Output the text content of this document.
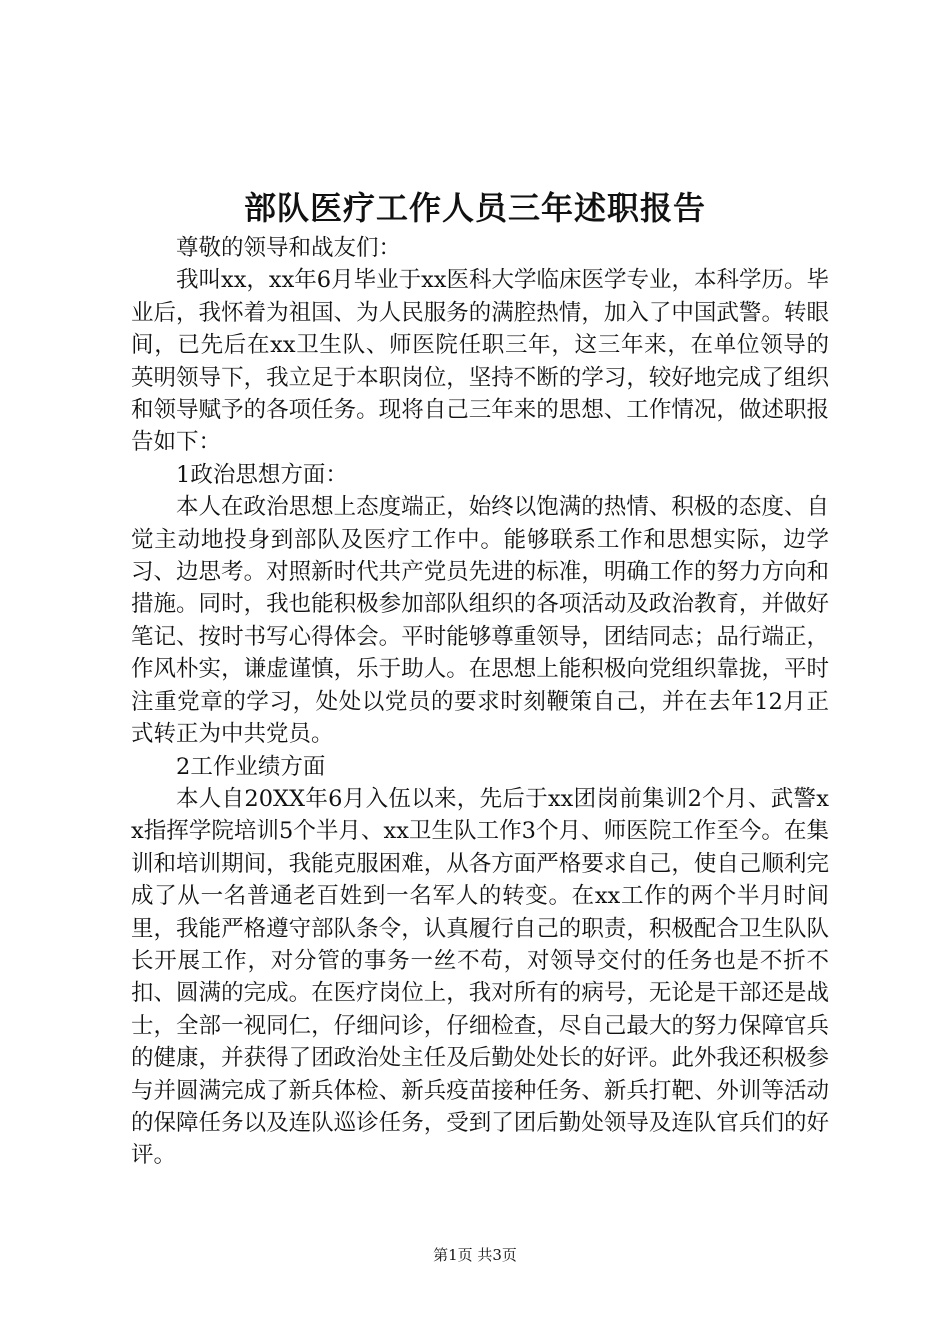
部队医疗工作人员三年述职报告

尊敬的领导和战友们：

我叫xx，xx年6月毕业于xx医科大学临床医学专业，本科学历。毕业后，我怀着为祖国、为人民服务的满腔热情，加入了中国武警。转眼间，已先后在xx卫生队、师医院任职三年，这三年来，在单位领导的英明领导下，我立足于本职岗位，坚持不断的学习，较好地完成了组织和领导赋予的各项任务。现将自己三年来的思想、工作情况，做述职报告如下：

1政治思想方面：

本人在政治思想上态度端正，始终以饱满的热情、积极的态度、自觉主动地投身到部队及医疗工作中。能够联系工作和思想实际，边学习、边思考。对照新时代共产党员先进的标准，明确工作的努力方向和措施。同时，我也能积极参加部队组织的各项活动及政治教育，并做好笔记、按时书写心得体会。平时能够尊重领导，团结同志；品行端正，作风朴实，谦虚谨慎，乐于助人。在思想上能积极向党组织靠拢，平时注重党章的学习，处处以党员的要求时刻鞭策自己，并在去年12月正式转正为中共党员。

2工作业绩方面

本人自20XX年6月入伍以来，先后于xx团岗前集训2个月、武警xx指挥学院培训5个半月、xx卫生队工作3个月、师医院工作至今。在集训和培训期间，我能克服困难，从各方面严格要求自己，使自己顺利完成了从一名普通老百姓到一名军人的转变。在xx工作的两个半月时间里，我能严格遵守部队条令，认真履行自己的职责，积极配合卫生队队长开展工作，对分管的事务一丝不苟，对领导交付的任务也是不折不扣、圆满的完成。在医疗岗位上，我对所有的病号，无论是干部还是战士，全部一视同仁，仔细问诊，仔细检查，尽自己最大的努力保障官兵的健康，并获得了团政治处主任及后勤处处长的好评。此外我还积极参与并圆满完成了新兵体检、新兵疫苗接种任务、新兵打靶、外训等活动的保障任务以及连队巡诊任务，受到了团后勤处领导及连队官兵们的好评。

第1页 共3页
